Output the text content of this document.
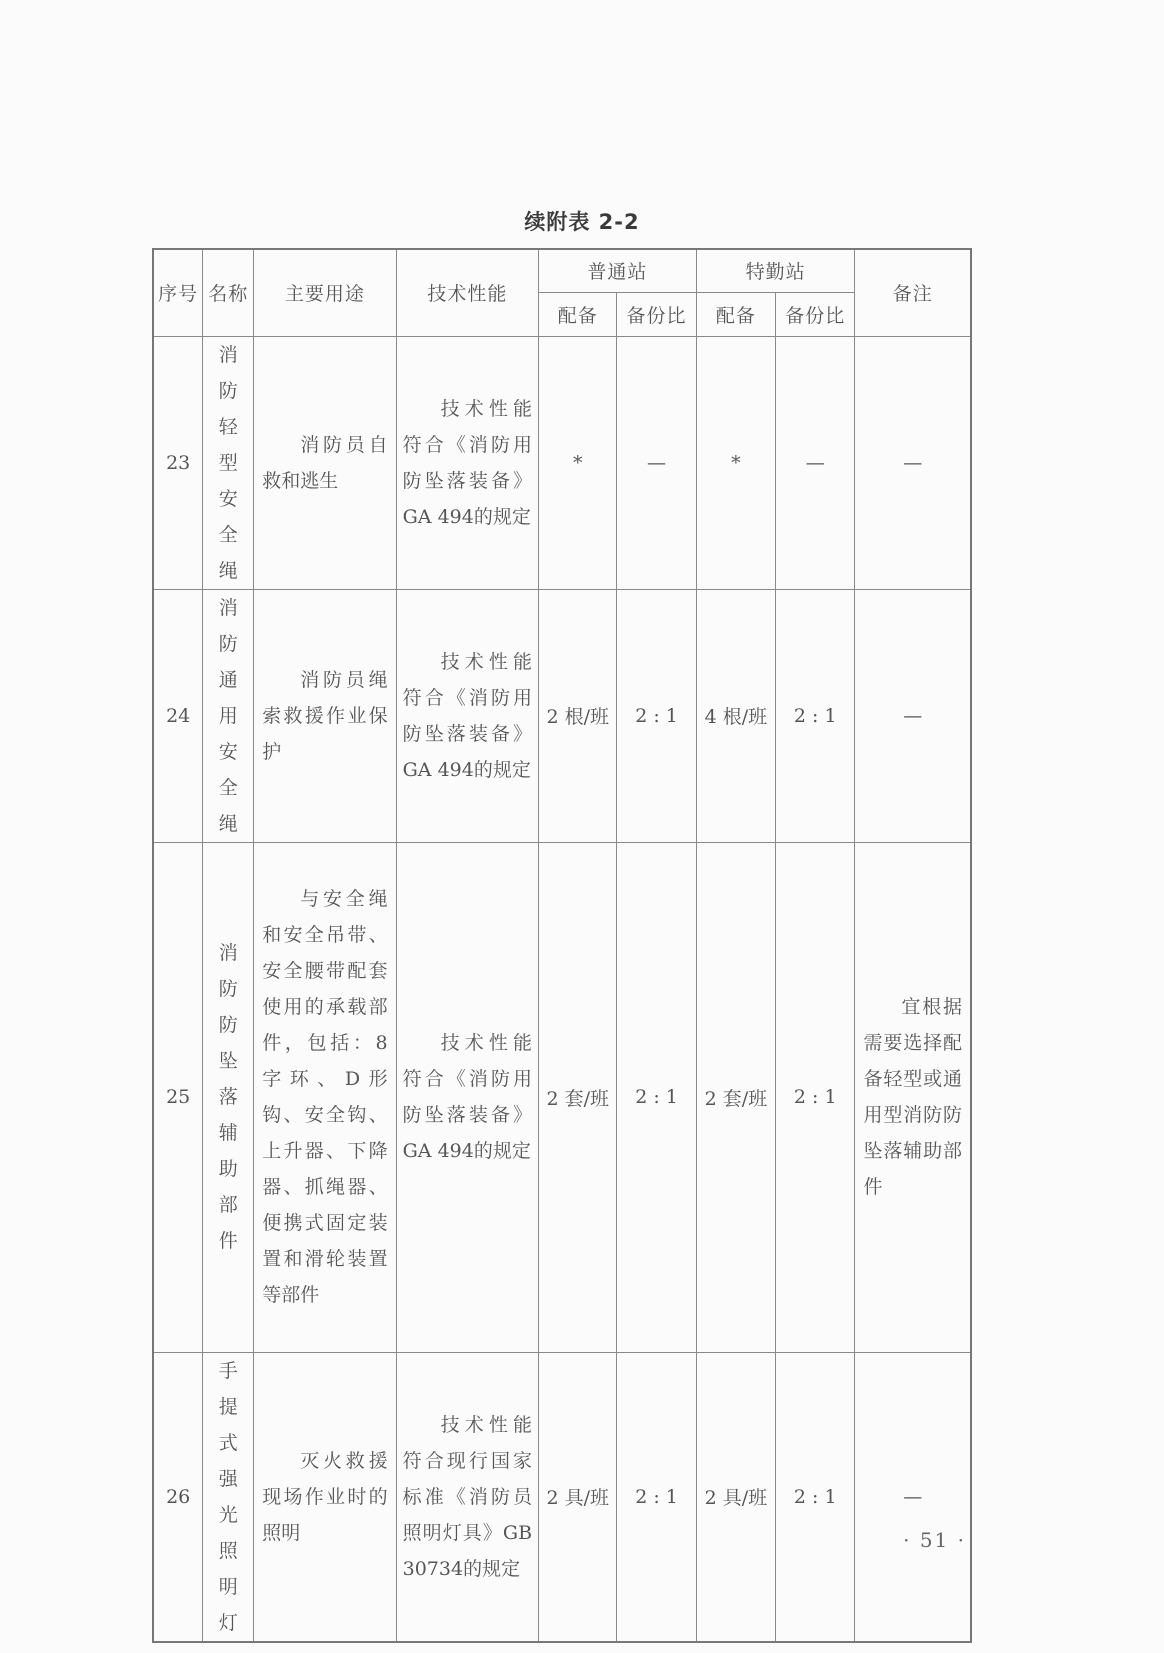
续附表 2-2
序号	名称	主要用途	技术性能	普通站		特勤站		备注
				配备	备份比	配备	备份比	
23	消防轻型安全绳	消防员自救和逃生	技术性能符合《消防用防坠落装备》GA 494的规定	*	—	*	—	—
24	消防通用安全绳	消防员绳索救援作业保护	技术性能符合《消防用防坠落装备》GA 494的规定	2 根/班	2 : 1	4 根/班	2 : 1	—
25	消防防坠落辅助部件	与安全绳和安全吊带、安全腰带配套使用的承载部件，包括：8字环、D形钩、安全钩、上升器、下降器、抓绳器、便携式固定装置和滑轮装置等部件	技术性能符合《消防用防坠落装备》GA 494的规定	2 套/班	2 : 1	2 套/班	2 : 1	宜根据需要选择配备轻型或通用型消防防坠落辅助部件
26	手提式强光照明灯	灭火救援现场作业时的照明	技术性能符合现行国家标准《消防员照明灯具》GB 30734的规定	2 具/班	2 : 1	2 具/班	2 : 1	—
· 51 ·
